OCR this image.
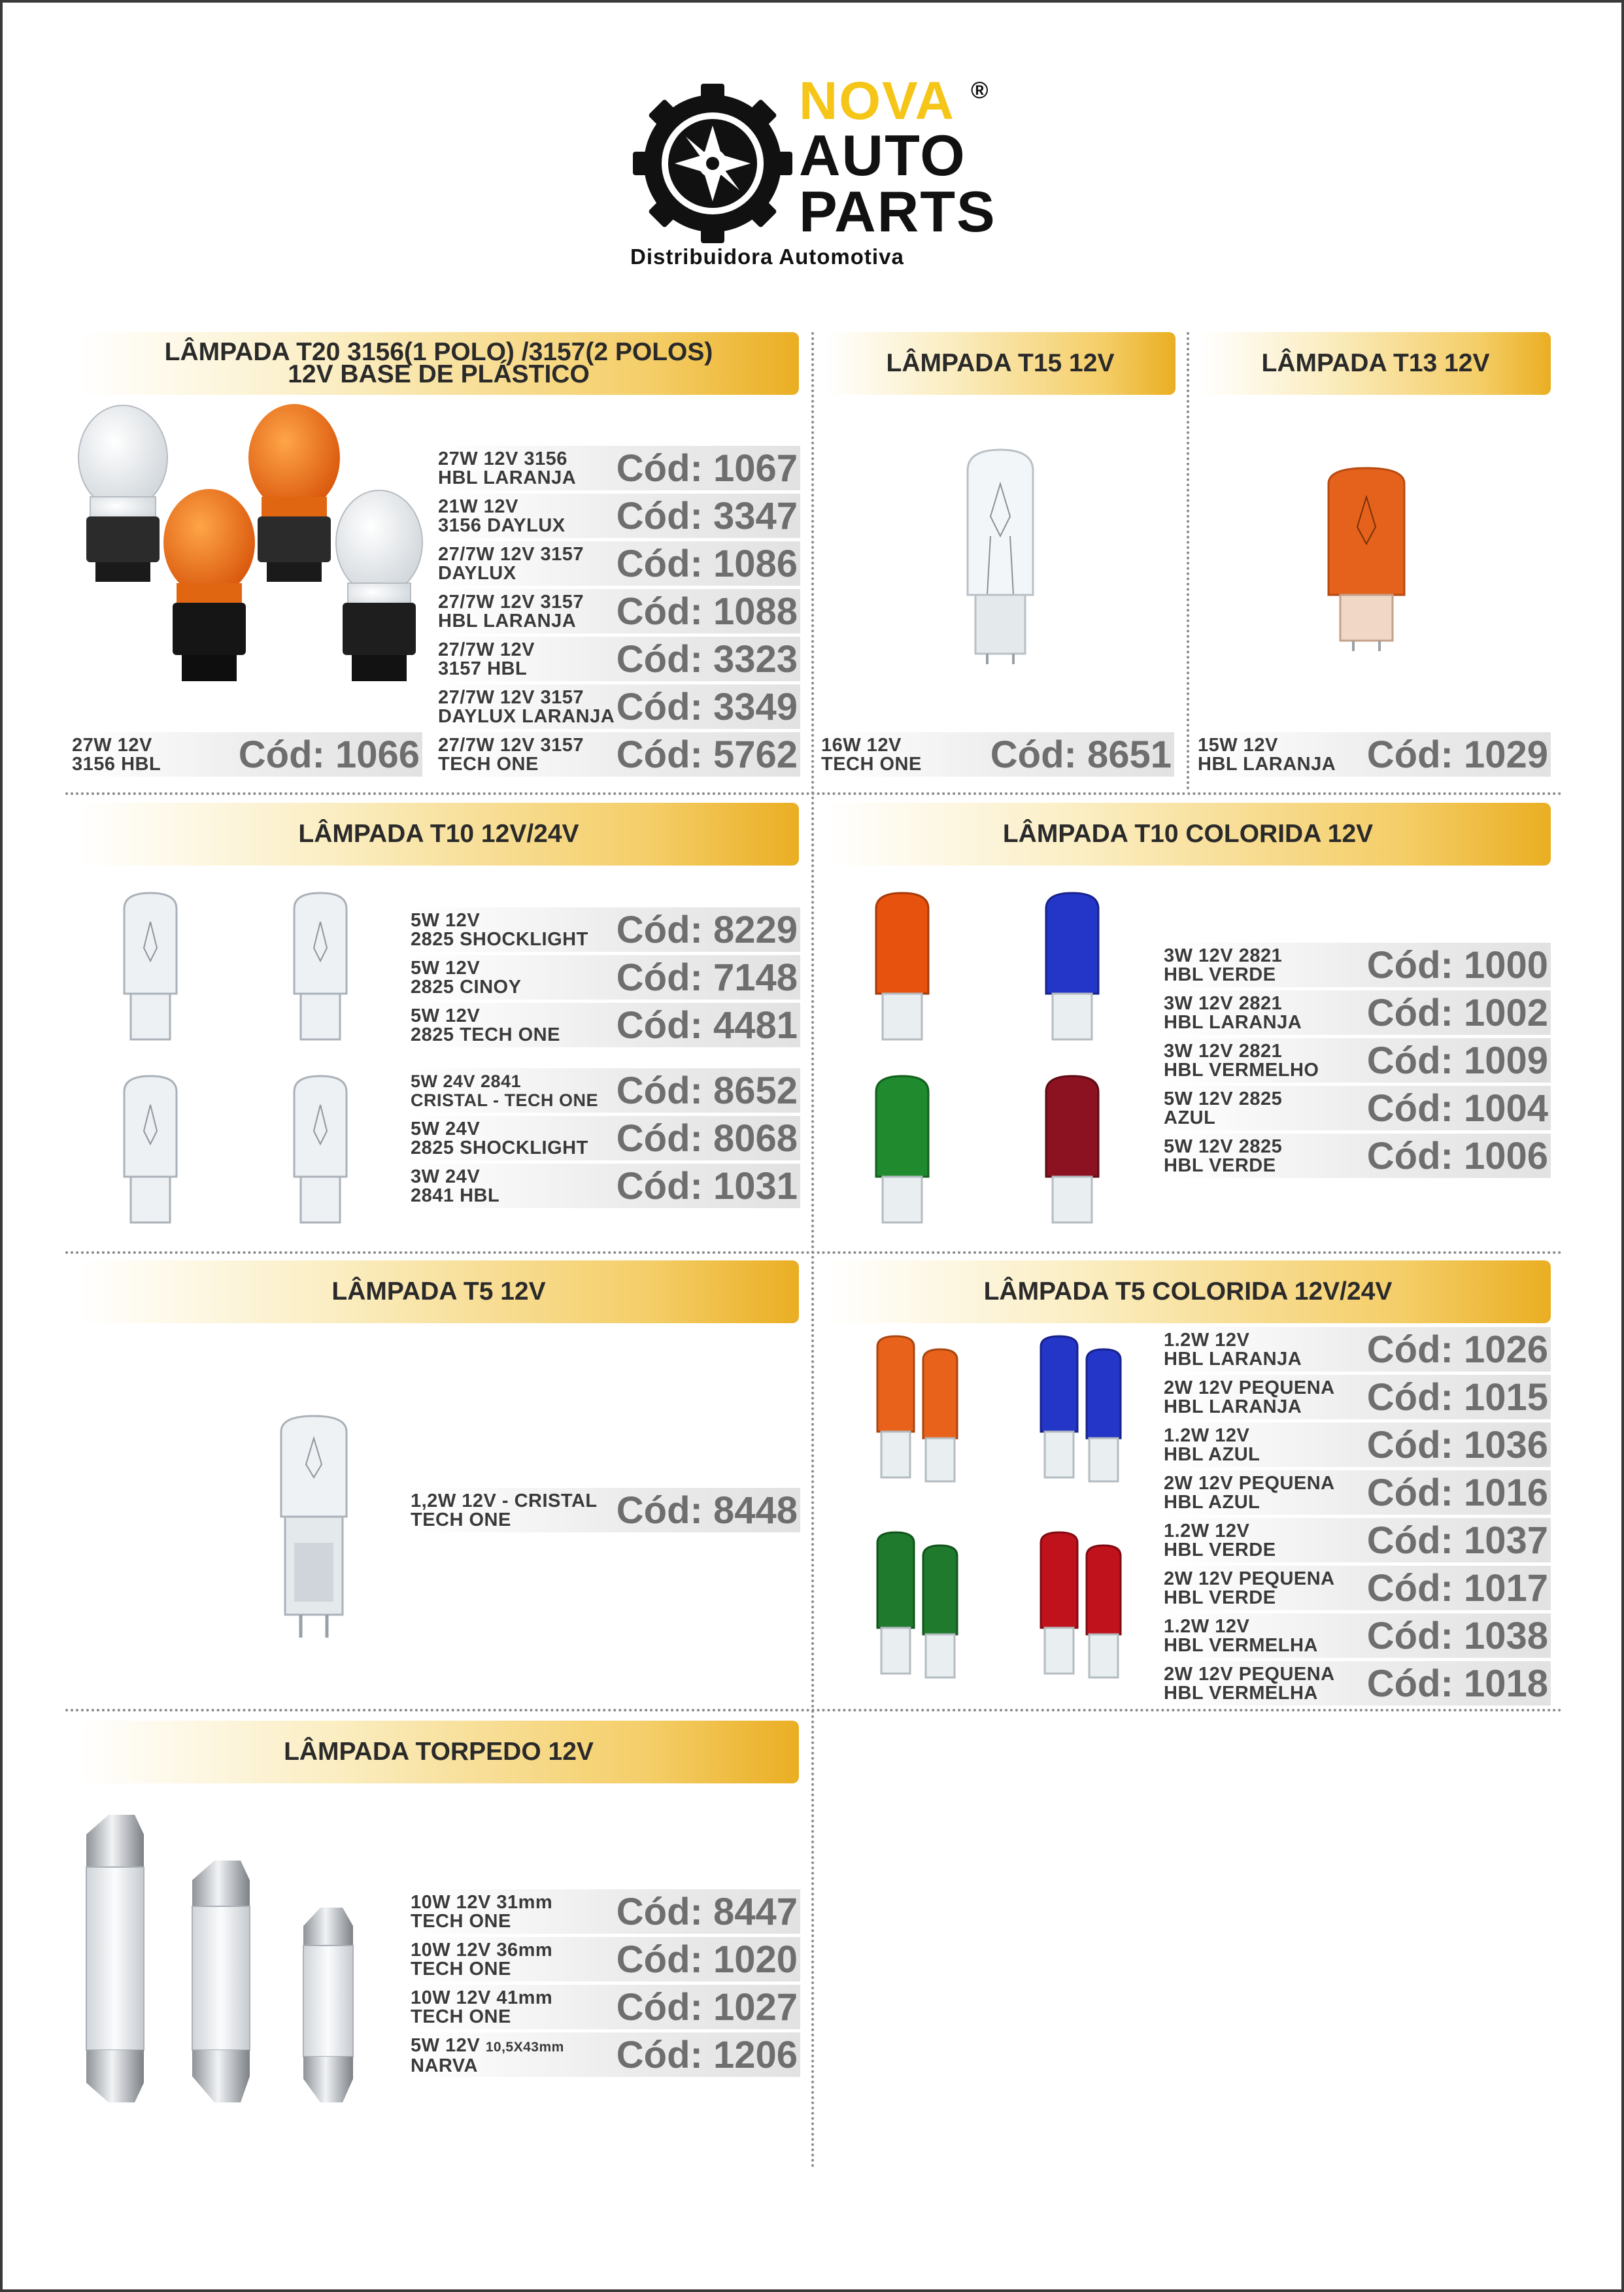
NOVA ®
AUTO
PARTS
Distribuidora Automotiva
LÂMPADA T20 3156(1 POLO) /3157(2 POLOS)
12V BASE DE PLÁSTICO
27W 12V
3156 HBL	Cód: 1066
27W 12V 3156
HBL LARANJA	Cód: 1067
21W 12V
3156 DAYLUX	Cód: 3347
27/7W 12V 3157
DAYLUX	Cód: 1086
27/7W 12V 3157
HBL LARANJA	Cód: 1088
27/7W 12V
3157 HBL	Cód: 3323
27/7W 12V 3157
DAYLUX LARANJA Cód: 3349
27/7W 12V 3157
TECH ONE	Cód: 5762
LÂMPADA T15 12V
16W 12V
TECH ONE	Cód: 8651
LÂMPADA T13 12V
15W 12V
HBL LARANJA Cód: 1029
LÂMPADA T10 12V/24V
5W 12V
2825 SHOCKLIGHT Cód: 8229
5W 12V
2825 CINOY	Cód: 7148
5W 12V
2825 TECH ONE	Cód: 4481
5W 24V 2841
CRISTAL - TECH ONE Cód: 8652
5W 24V
2825 SHOCKLIGHT Cód: 8068
3W 24V
2841 HBL	Cód: 1031
LÂMPADA T10 COLORIDA 12V
3W 12V 2821
HBL VERDE	Cód: 1000
3W 12V 2821
HBL LARANJA	Cód: 1002
3W 12V 2821
HBL VERMELHO	Cód: 1009
5W 12V 2825
AZUL	Cód: 1004
5W 12V 2825
HBL VERDE	Cód: 1006
LÂMPADA T5 12V
1,2W 12V - CRISTAL
TECH ONE	Cód: 8448
LÂMPADA T5 COLORIDA 12V/24V
1.2W 12V
HBL LARANJA	Cód: 1026
2W 12V PEQUENA
HBL LARANJA	Cód: 1015
1.2W 12V
HBL AZUL	Cód: 1036
2W 12V PEQUENA
HBL AZUL	Cód: 1016
1.2W 12V
HBL VERDE	Cód: 1037
2W 12V PEQUENA
HBL VERDE	Cód: 1017
1.2W 12V
HBL VERMELHA	Cód: 1038
2W 12V PEQUENA
HBL VERMELHA	Cód: 1018
LÂMPADA TORPEDO 12V
10W 12V 31mm
TECH ONE	Cód: 8447
10W 12V 36mm
TECH ONE	Cód: 1020
10W 12V 41mm
TECH ONE	Cód: 1027
5W 12V 10,5X43mm
NARVA	Cód: 1206
